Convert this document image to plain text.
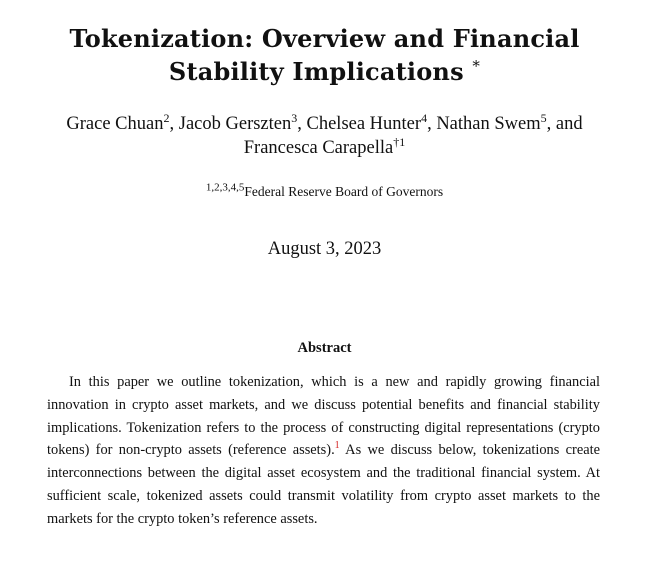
Tokenization: Overview and Financial
Stability Implications *
Grace Chuan$^2$, Jacob Gerszten$^3$, Chelsea Hunter$^4$, Nathan Swem$^5$, and
Francesca Carapella$^{\dagger 1}$
$^{1,2,3,4,5}$Federal Reserve Board of Governors
August 3, 2023
Abstract
In this paper we outline tokenization, which is a new and rapidly growing financial innovation in crypto asset markets, and we discuss potential benefits and financial stability implications. Tokenization refers to the process of constructing digital representations (crypto tokens) for non-crypto assets (reference assets).$^1$ As we discuss below, tokenizations create interconnections between the digital asset ecosystem and the traditional financial system. At sufficient scale, tokenized assets could transmit volatility from crypto asset markets to the markets for the crypto token’s reference assets.
